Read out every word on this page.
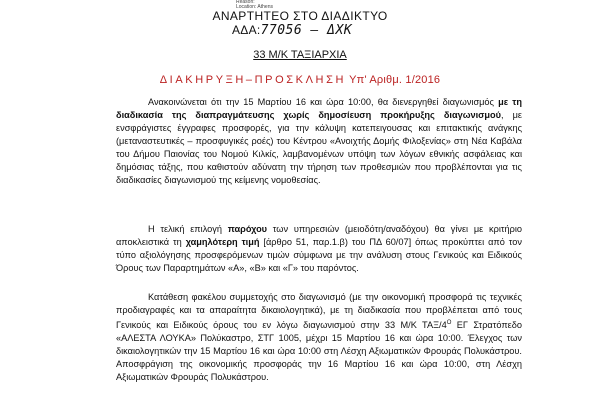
Reason:
Location: Athens
ΑΝΑΡΤΗΤΕΟ ΣΤΟ ΔΙΑΔΙΚΤΥΟ
ΑΔΑ:77056 – ΔΧΚ
33 Μ/Κ ΤΑΞΙΑΡΧΙΑ
ΔΙΑΚΗΡΥΞΗ–ΠΡΟΣΚΛΗΣΗ Υπ' Αριθμ. 1/2016
Ανακοινώνεται ότι την 15 Μαρτίου 16 και ώρα 10:00, θα διενεργηθεί διαγωνισμός με τη διαδικασία της διαπραγμάτευσης χωρίς δημοσίευση προκήρυξης διαγωνισμού, με ενσφράγιστες έγγραφες προσφορές, για την κάλυψη κατεπειγουσας και επιτακτικής ανάγκης (μεταναστευτικές – προσφυγικές ροές) του Κέντρου «Ανοιχτής Δομής Φιλοξενίας» στη Νέα Καβάλα του Δήμου Παιονίας του Νομού Κιλκίς, λαμβανομένων υπόψη των λόγων εθνικής ασφάλειας και δημόσιας τάξης, που καθιστούν αδύνατη την τήρηση των προθεσμιών που προβλέπονται για τις διαδικασίες διαγωνισμού της κείμενης νομοθεσίας.
Η τελική επιλογή παρόχου των υπηρεσιών (μειοδότη/αναδόχου) θα γίνει με κριτήριο αποκλειστικά τη χαμηλότερη τιμή [άρθρο 51, παρ.1.β) του ΠΔ 60/07] όπως προκύπτει από τον τύπο αξιολόγησης προσφερόμενων τιμών σύμφωνα με την ανάλυση στους Γενικούς και Ειδικούς Όρους των Παραρτημάτων «Α», «Β» και «Γ» του παρόντος.
Κατάθεση φακέλου συμμετοχής στο διαγωνισμό (με την οικονομική προσφορά τις τεχνικές προδιαγραφές και τα απαραίτητα δικαιολογητικά), με τη διαδικασία που προβλέπεται από τους Γενικούς και Ειδικούς όρους του εν λόγω διαγωνισμού στην 33 Μ/Κ ΤΑΞ/$4^O$ ΕΓ Στρατόπεδο «ΑΛΕΣΤΑ ΛΟΥΚΑ» Πολύκαστρο, ΣΤΓ 1005, μέχρι 15 Μαρτίου 16 και ώρα 10:00. Έλεγχος των δικαιολογητικών την 15 Μαρτίου 16 και ώρα 10:00 στη Λέσχη Αξιωματικών Φρουράς Πολυκάστρου. Αποσφράγιση της οικονομικής προσφοράς την 16 Μαρτίου 16 και ώρα 10:00, στη Λέσχη Αξιωματικών Φρουράς Πολυκάστρου.
